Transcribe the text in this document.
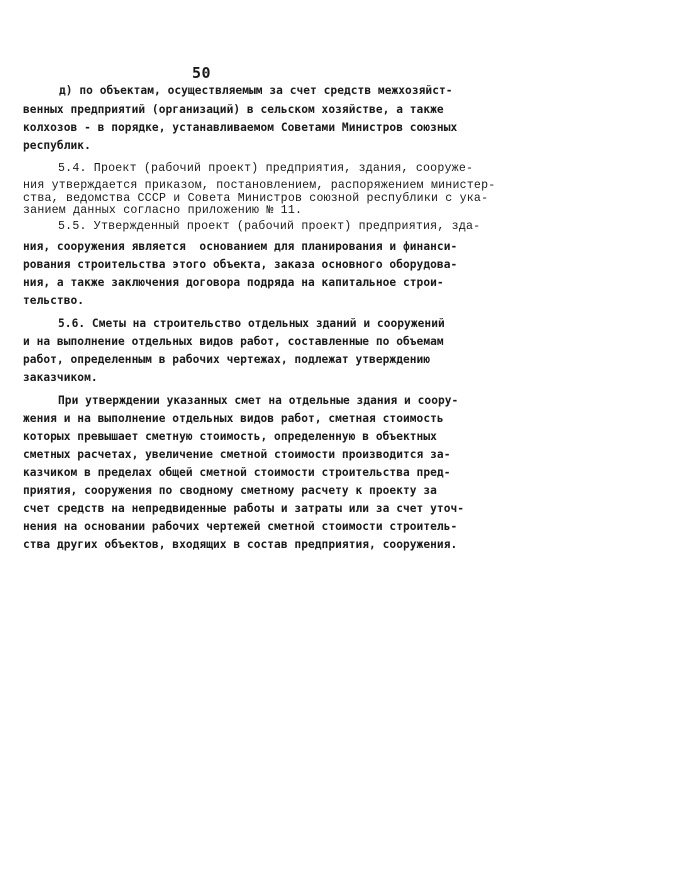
50
д) по объектам, осуществляемым за счет средств межхозяйст-
венных предприятий (организаций) в сельском хозяйстве, а также
колхозов - в порядке, устанавливаемом Советами Министров союзных
республик.
5.4. Проект (рабочий проект) предприятия, здания, сооруже-
ния утверждается приказом, постановлением, распоряжением министер-
ства, ведомства СССР и Совета Министров союзной республики с ука-
занием данных согласно приложению № 11.
5.5. Утвержденный проект (рабочий проект) предприятия, зда-
ния, сооружения является  основанием для планирования и финанси-
рования строительства этого объекта, заказа основного оборудова-
ния, а также заключения договора подряда на капитальное строи-
тельство.
5.6. Сметы на строительство отдельных зданий и сооружений
и на выполнение отдельных видов работ, составленные по объемам
работ, определенным в рабочих чертежах, подлежат утверждению
заказчиком.
При утверждении указанных смет на отдельные здания и соору-
жения и на выполнение отдельных видов работ, сметная стоимость
которых превышает сметную стоимость, определенную в объектных
сметных расчетах, увеличение сметной стоимости производится за-
казчиком в пределах общей сметной стоимости строительства пред-
приятия, сооружения по сводному сметному расчету к проекту за
счет средств на непредвиденные работы и затраты или за счет уточ-
нения на основании рабочих чертежей сметной стоимости строитель-
ства других объектов, входящих в состав предприятия, сооружения.
